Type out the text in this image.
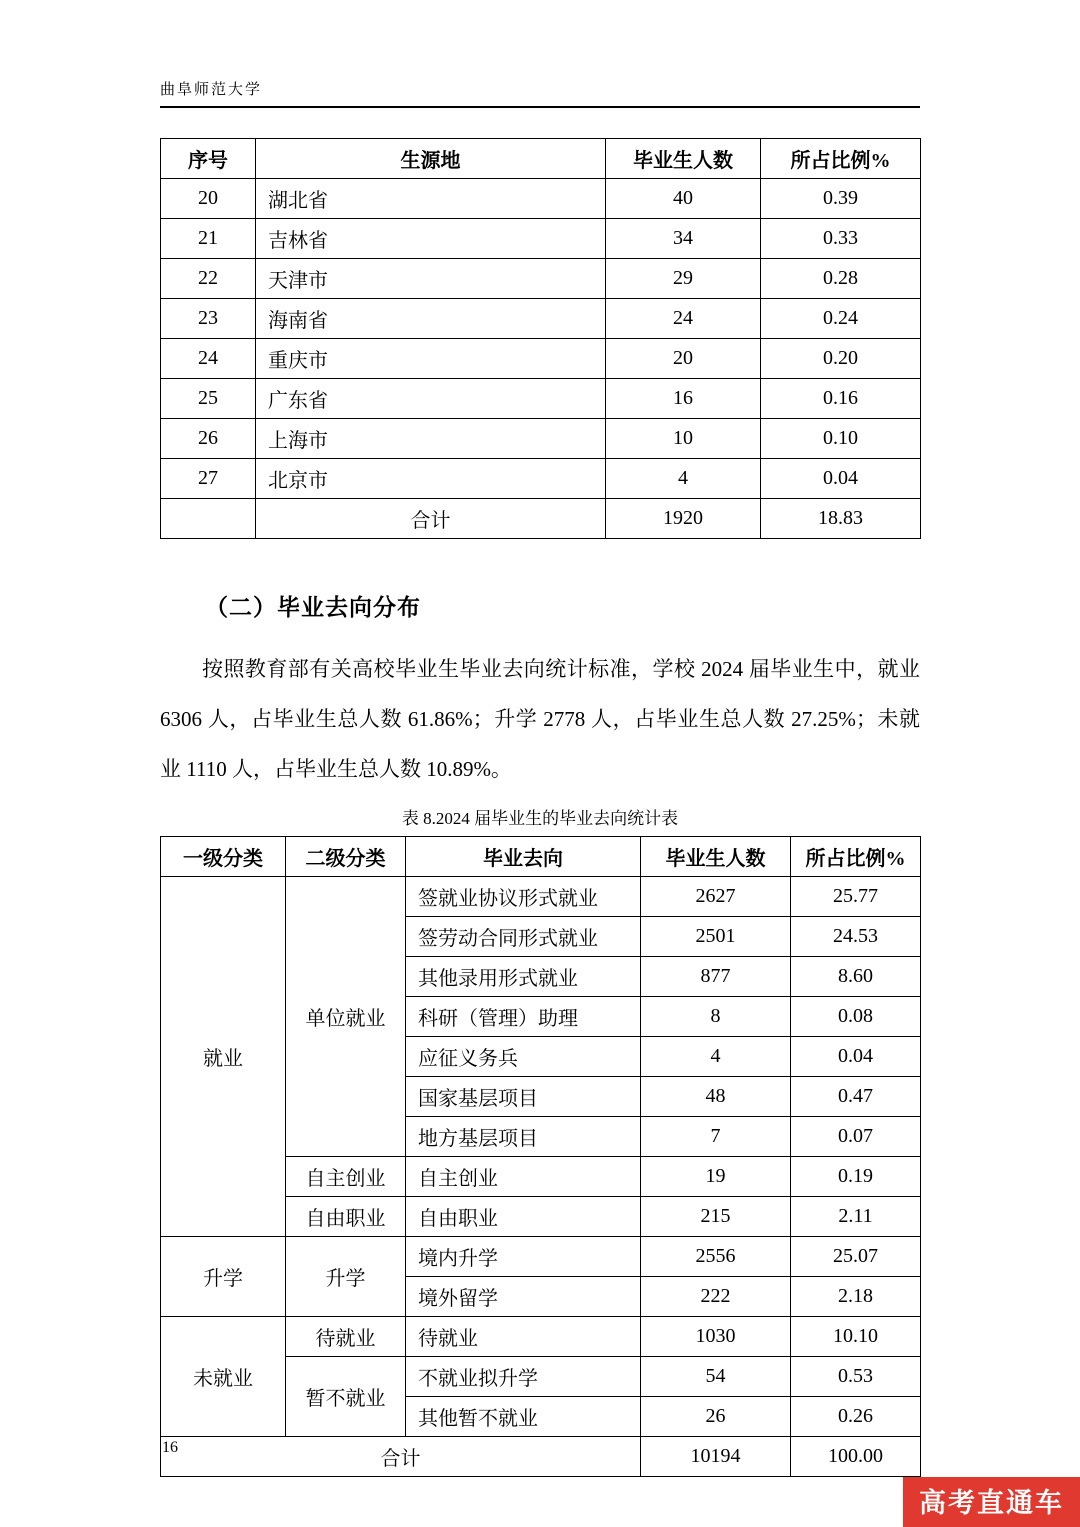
曲阜师范大学
序号	生源地	毕业生人数	所占比例%
20	湖北省	40	0.39
21	吉林省	34	0.33
22	天津市	29	0.28
23	海南省	24	0.24
24	重庆市	20	0.20
25	广东省	16	0.16
26	上海市	10	0.10
27	北京市	4	0.04
	合计	1920	18.83
（二）毕业去向分布

按照教育部有关高校毕业生毕业去向统计标准，学校 2024 届毕业生中，就业 6306 人，占毕业生总人数 61.86%；升学 2778 人，占毕业生总人数 27.25%；未就业 1110 人，占毕业生总人数 10.89%。

表 8.2024 届毕业生的毕业去向统计表
一级分类	二级分类	毕业去向	毕业生人数	所占比例%
就业	单位就业	签就业协议形式就业	2627	25.77
		签劳动合同形式就业	2501	24.53
		其他录用形式就业	877	8.60
		科研（管理）助理	8	0.08
		应征义务兵	4	0.04
		国家基层项目	48	0.47
		地方基层项目	7	0.07
	自主创业	自主创业	19	0.19
	自由职业	自由职业	215	2.11
升学	升学	境内升学	2556	25.07
		境外留学	222	2.18
未就业	待就业	待就业	1030	10.10
	暂不就业	不就业拟升学	54	0.53
		其他暂不就业	26	0.26
合计			10194	100.00
16
高考直通车
